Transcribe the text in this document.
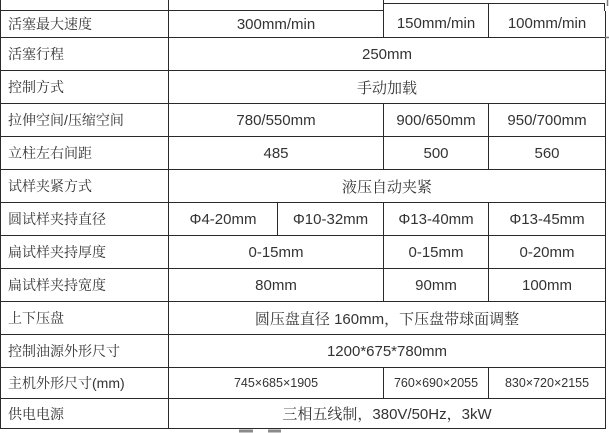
活塞最大速度	300mm/min		150mm/min	100mm/min
活塞行程	250mm			
控制方式	手动加载			
拉伸空间/压缩空间	780/550mm		900/650mm	950/700mm
立柱左右间距	485		500	560
试样夹紧方式	液压自动夹紧			
圆试样夹持直径	Φ4-20mm	Φ10-32mm	Φ13-40mm	Φ13-45mm
扁试样夹持厚度	0-15mm		0-15mm	0-20mm
扁试样夹持宽度	80mm		90mm	100mm
上下压盘	圆压盘直径 160mm，下压盘带球面调整			
控制油源外形尺寸	1200*675*780mm			
主机外形尺寸(mm)	745×685×1905		760×690×2055	830×720×2155
供电电源	三相五线制，380V/50Hz，3kW			
